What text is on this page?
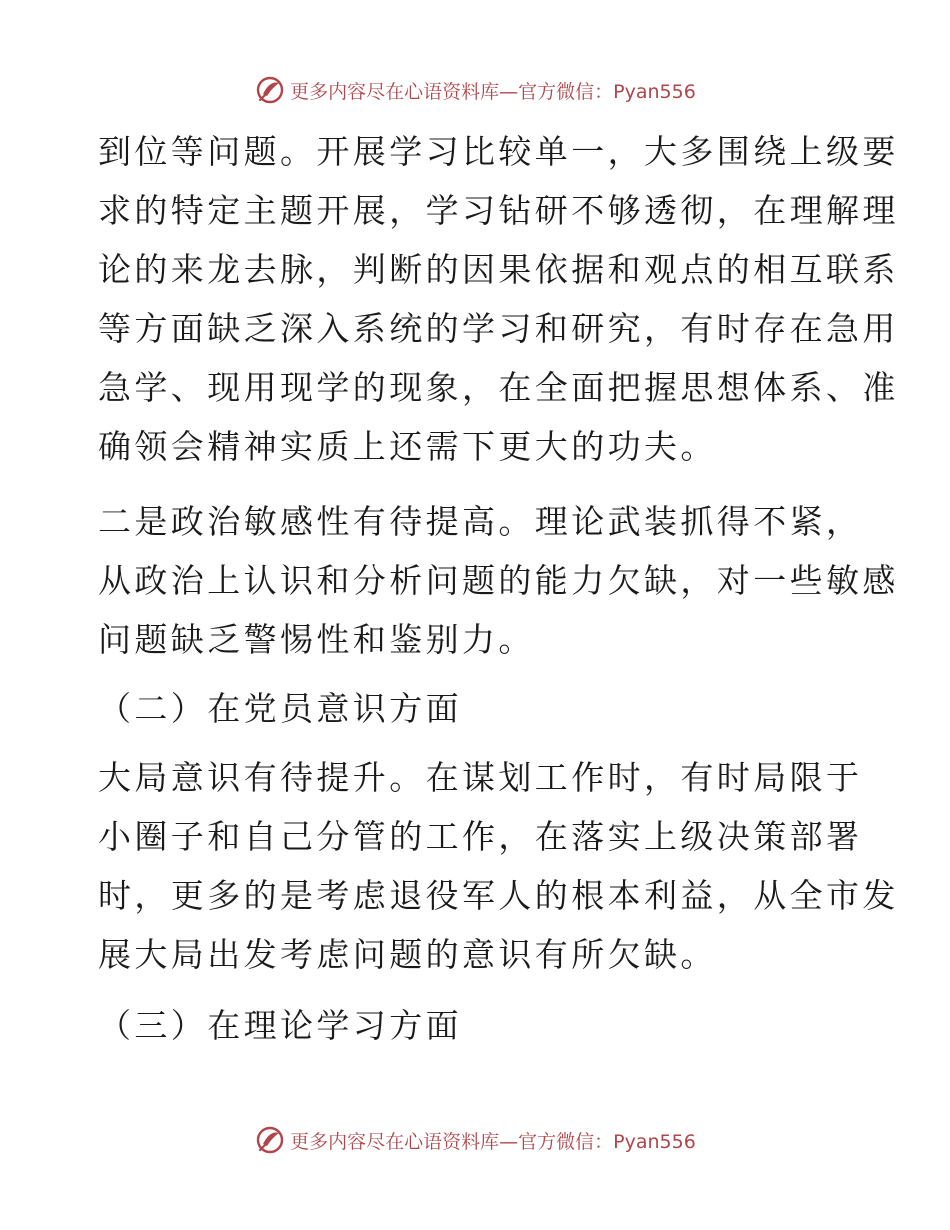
更多内容尽在心语资料库 —官方微信：Pyan556

到位等问题。开展学习比较单一，大多围绕上级要
求的特定主题开展，学习钻研不够透彻，在理解理
论的来龙去脉，判断的因果依据和观点的相互联系
等方面缺乏深入系统的学习和研究，有时存在急用
急学、现用现学的现象，在全面把握思想体系、准
确领会精神实质上还需下更大的功夫。

二是政治敏感性有待提高。理论武装抓得不紧，
从政治上认识和分析问题的能力欠缺，对一些敏感
问题缺乏警惕性和鉴别力。

（二）在党员意识方面

大局意识有待提升。在谋划工作时，有时局限于
小圈子和自己分管的工作，在落实上级决策部署
时，更多的是考虑退役军人的根本利益，从全市发
展大局出发考虑问题的意识有所欠缺。

（三）在理论学习方面

更多内容尽在心语资料库 —官方微信：Pyan556
